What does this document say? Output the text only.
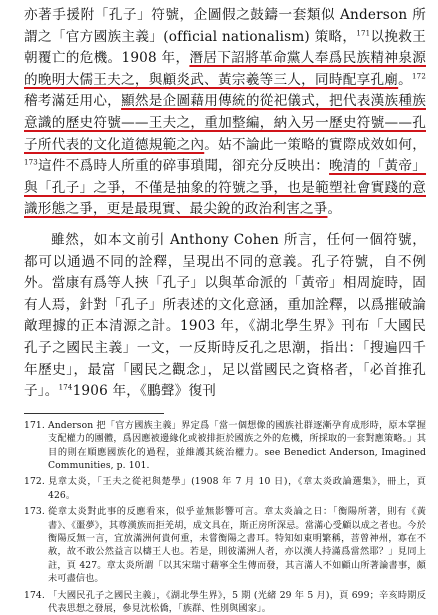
亦著手援附「孔子」符號，企圖假之鼓鑄一套類似 Anderson 所謂之「官方國族主義」(official nationalism) 策略，$^{171}$以挽救王朝覆亡的危機。1908 年，潛居下詔將革命黨人奉爲民族精神泉源的晚明大儒王夫之，與顧炎武、黃宗羲等三人，同時配享孔廟。$^{172}$稽考滿廷用心，顯然是企圖藉用傳統的從祀儀式，把代表漢族種族意識的歷史符號——王夫之，重加整編，納入另一歷史符號——孔子所代表的文化道德規範之內。姑不論此一策略的實際成效如何，$^{173}$這件不爲時人所重的碎事瑣聞，卻充分反映出：晚清的「黃帝」與「孔子」之爭，不僅是抽象的符號之爭，也是範塑社會實踐的意識形態之爭，更是最現實、最尖銳的政治利害之爭。

雖然，如本文前引 Anthony Cohen 所言，任何一個符號，都可以通過不同的詮釋，呈現出不同的意義。孔子符號，自不例外。當康有爲等人挾「孔子」以與革命派的「黃帝」相周旋時，固有人焉，針對「孔子」所表述的文化意涵，重加詮釋，以爲摧破論敵理據的正本清源之計。1903 年，《湖北學生界》刊布「大國民孔子之國民主義」一文，一反斯時反孔之思潮，指出：「搜遍四千年歷史」，最富「國民之觀念」，足以當國民之資格者，「必首推孔子」。$^{174}$1906 年，《鵬聲》復刊

171. Anderson 把「官方國族主義」界定爲「當一個想像的國族社群逐漸孕育成形時，原本掌握支配權力的團體，爲因應被邊緣化或被排拒於國族之外的危機，所採取的一套對應策略。」其目的則在順應國族化的過程，並維護其統治權力。see Benedict Anderson, Imagined Communities, p. 101.
172. 見章太炎，「王夫之從祀與楚學」(1908 年 7 月 10 日)，《章太炎政論選集》，冊上，頁 426。
173. 從章太炎對此事的反應看來，似乎並無影響可言。章太炎論之日：「衡陽所著，則有《黃書》、《噩夢》，其尊漢族而拒羌胡，成文具在，斯正房所深忌。當滿心受顧以成之者也。今於衡陽反無一言，宜放滿洲何貴何重，未嘗衡陽之書耳。特知如東明繁稱，菩曾神州，寡在不赦，故不敢公然益言以檮王人也。若是，則彼滿洲人者，亦以漢人持滿爲當然耶？」見同上註，頁 427。章太炎所謂「以其宋瑞寸藉寧全生傳而發，其言滿人不如顧山所著論書事，頗未可盡信也。
174. 「大國民孔子之國民主義」，《湖北學生界》，5 期 (光緒 29 年 5 月)，頁 699；辛亥時期反代表思想之發展，參見沈松僑，「族群、性別與國家」。
